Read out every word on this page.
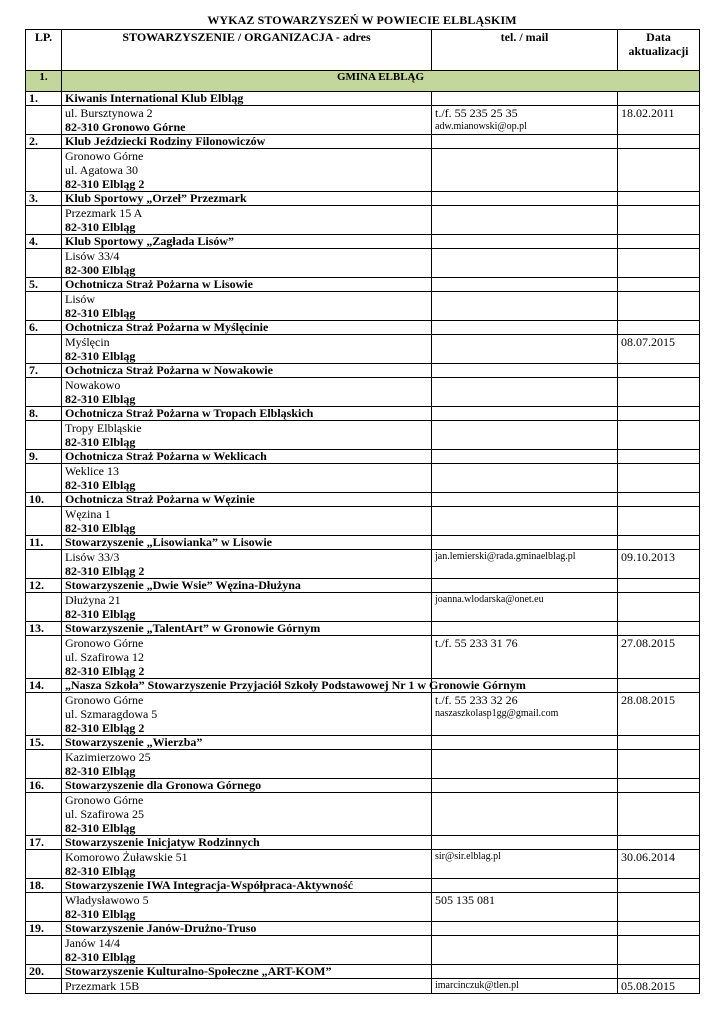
WYKAZ STOWARZYSZEŃ W POWIECIE ELBLĄSKIM
LP.	STOWARZYSZENIE / ORGANIZACJA - adres	tel. / mail	Data
aktualizacji

1.	GMINA ELBLĄG		
1.	Kiwanis International Klub Elbląg		

	ul. Bursztynowa 2
82-310 Gronowo Górne	t./f. 55 235 25 35
adw.mianowski@op.pl	18.02.2011
2.	Klub Jeździecki Rodziny Filonowiczów		

	Gronowo Górne
ul. Agatowa 30
82-310 Elbląg 2		

3.	Klub Sportowy „Orzeł” Przezmark		

	Przezmark 15 A
82-310 Elbląg		

4.	Klub Sportowy „Zagłada Lisów”		

	Lisów 33/4
82-300 Elbląg		

5.	Ochotnicza Straż Pożarna w Lisowie		

	Lisów
82-310 Elbląg		

6.	Ochotnicza Straż Pożarna w Myślęcinie		

	Myślęcin
82-310 Elbląg		08.07.2015
7.	Ochotnicza Straż Pożarna w Nowakowie		

	Nowakowo
82-310 Elbląg		

8.	Ochotnicza Straż Pożarna w Tropach Elbląskich		

	Tropy Elbląskie
82-310 Elbląg		

9.	Ochotnicza Straż Pożarna w Weklicach		

	Weklice 13
82-310 Elbląg		

10.	Ochotnicza Straż Pożarna w Węzinie		

	Węzina 1
82-310 Elbląg		

11.	Stowarzyszenie „Lisowianka” w Lisowie		

	Lisów 33/3
82-310 Elbląg 2	jan.lemierski@rada.gminaelblag.pl	09.10.2013
12.	Stowarzyszenie „Dwie Wsie” Węzina-Dłużyna		

	Dłużyna 21
82-310 Elbląg	joanna.wlodarska@onet.eu	

13.	Stowarzyszenie „TalentArt” w Gronowie Górnym		

	Gronowo Górne
ul. Szafirowa 12
82-310 Elbląg 2	t./f. 55 233 31 76	27.08.2015
14.	„Nasza Szkoła” Stowarzyszenie Przyjaciół Szkoły Podstawowej Nr 1 w Gronowie Górnym		

	Gronowo Górne
ul. Szmaragdowa 5
82-310 Elbląg 2	t./f. 55 233 32 26
naszaszkolasp1gg@gmail.com	28.08.2015
15.	Stowarzyszenie „Wierzba”		

	Kazimierzowo 25
82-310 Elbląg		

16.	Stowarzyszenie dla Gronowa Górnego		

	Gronowo Górne
ul. Szafirowa 25
82-310 Elbląg		

17.	Stowarzyszenie Inicjatyw Rodzinnych		

	Komorowo Żuławskie 51
82-310 Elbląg	sir@sir.elblag.pl	30.06.2014
18.	Stowarzyszenie IWA Integracja-Współpraca-Aktywność		

	Władysławowo 5
82-310 Elbląg	505 135 081	

19.	Stowarzyszenie Janów-Drużno-Truso		

	Janów 14/4
82-310 Elbląg		

20.	Stowarzyszenie Kulturalno-Społeczne „ART-KOM”		

	Przezmark 15B	imarcinczuk@tlen.pl	05.08.2015
